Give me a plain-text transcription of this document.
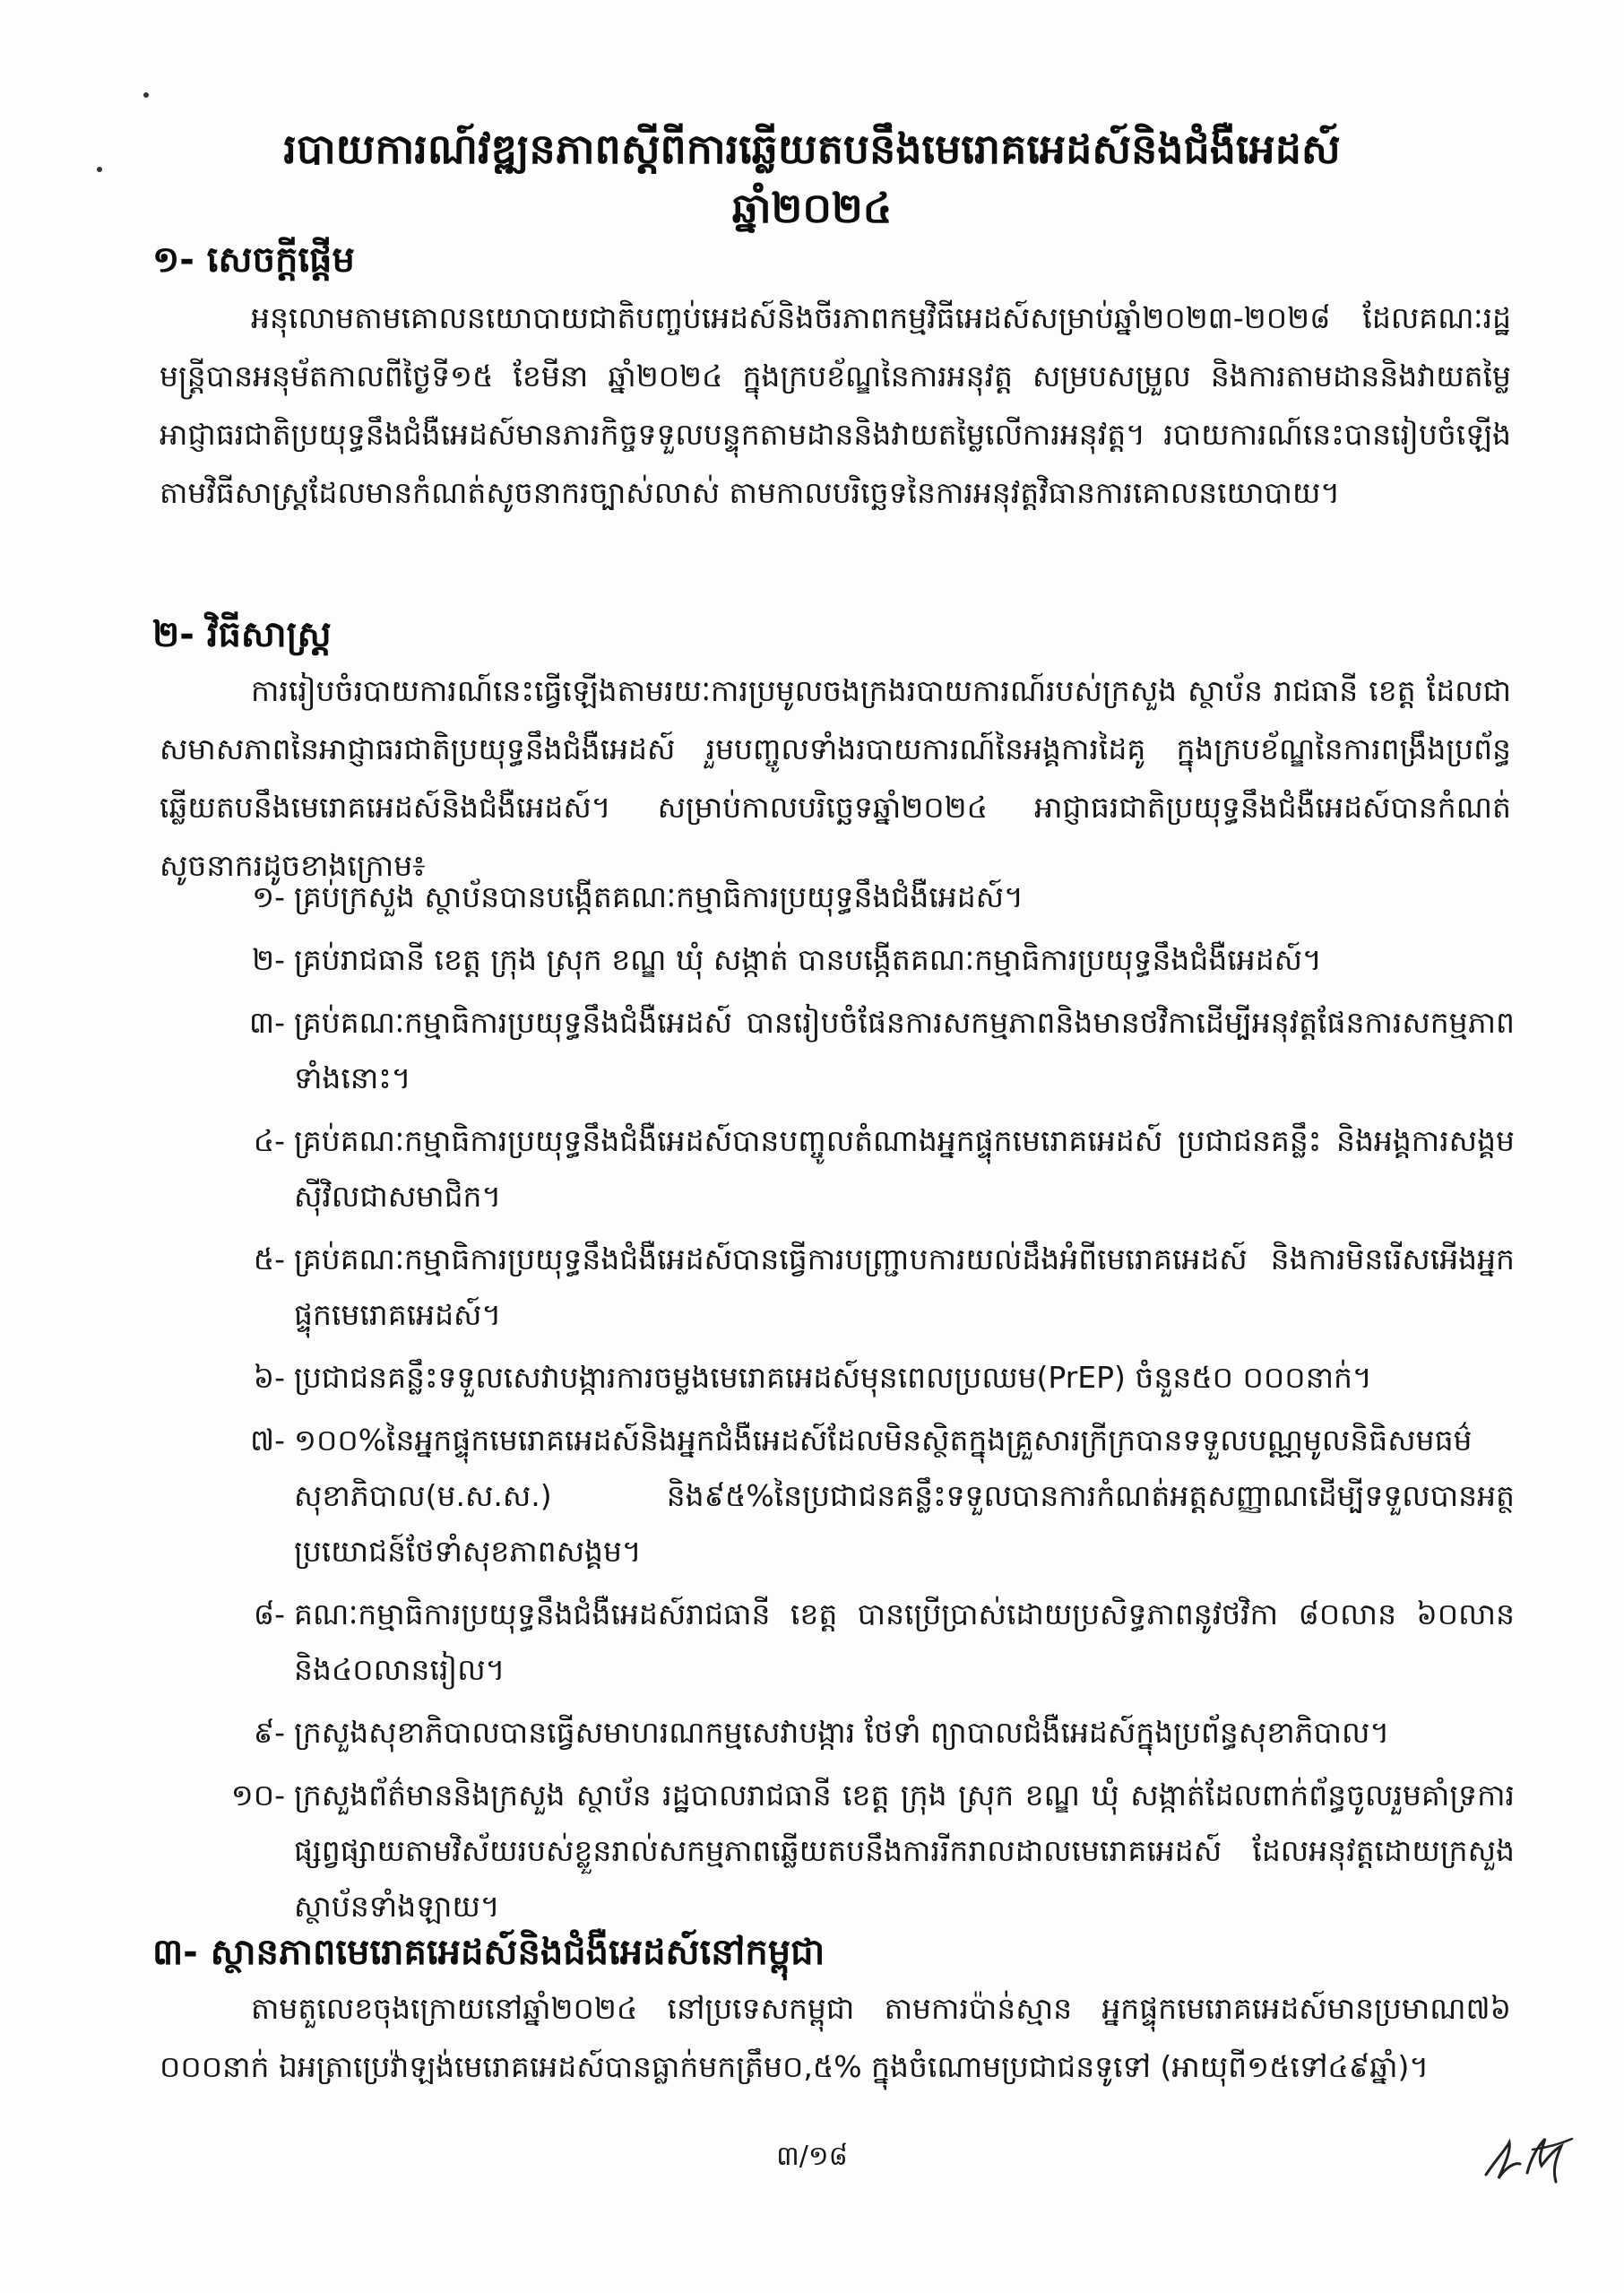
របាយការណ៍វឌ្ឍនភាពស្ដីពីការឆ្លើយតបនឹងមេរោគអេដស៍និងជំងឺអេដស៍
ឆ្នាំ២០២៤
១- សេចក្ដីផ្ដើម
អនុលោមតាមគោលនយោបាយជាតិបញ្ចប់អេដស៍និងចីរភាពកម្មវិធីអេដស៍សម្រាប់ឆ្នាំ២០២៣-២០២៨ ដែលគណៈរដ្ឋមន្ត្រីបានអនុម័តកាលពីថ្ងៃទី១៥ ខែមីនា ឆ្នាំ២០២៤ ក្នុងក្របខ័ណ្ឌនៃការអនុវត្ត សម្របសម្រួល និងការតាមដាននិងវាយតម្លៃ អាជ្ញាធរជាតិប្រយុទ្ធនឹងជំងឺអេដស៍មានភារកិច្ចទទួលបន្ទុកតាមដាននិងវាយតម្លៃលើការអនុវត្ត។ របាយការណ៍នេះបានរៀបចំឡើងតាមវិធីសាស្ត្រដែលមានកំណត់សូចនាករច្បាស់លាស់ តាមកាលបរិច្ឆេទនៃការអនុវត្តវិធានការគោលនយោបាយ។
២- វិធីសាស្ត្រ
ការរៀបចំរបាយការណ៍នេះធ្វើឡើងតាមរយៈការប្រមូលចងក្រងរបាយការណ៍របស់ក្រសួង ស្ថាប័ន រាជធានី ខេត្ត ដែលជាសមាសភាពនៃអាជ្ញាធរជាតិប្រយុទ្ធនឹងជំងឺអេដស៍ រួមបញ្ចូលទាំងរបាយការណ៍នៃអង្គការដៃគូ ក្នុងក្របខ័ណ្ឌនៃការពង្រឹងប្រព័ន្ធឆ្លើយតបនឹងមេរោគអេដស៍និងជំងឺអេដស៍។ សម្រាប់កាលបរិច្ឆេទឆ្នាំ២០២៤ អាជ្ញាធរជាតិប្រយុទ្ធនឹងជំងឺអេដស៍បានកំណត់សូចនាករដូចខាងក្រោម៖
១- គ្រប់ក្រសួង ស្ថាប័នបានបង្កើតគណៈកម្មាធិការប្រយុទ្ធនឹងជំងឺអេដស៍។
២- គ្រប់រាជធានី ខេត្ត ក្រុង ស្រុក ខណ្ឌ ឃុំ សង្កាត់ បានបង្កើតគណៈកម្មាធិការប្រយុទ្ធនឹងជំងឺអេដស៍។
៣- គ្រប់គណៈកម្មាធិការប្រយុទ្ធនឹងជំងឺអេដស៍ បានរៀបចំផែនការសកម្មភាពនិងមានថវិកាដើម្បីអនុវត្តផែនការសកម្មភាពទាំងនោះ។
៤- គ្រប់គណៈកម្មាធិការប្រយុទ្ធនឹងជំងឺអេដស៍បានបញ្ចូលតំណាងអ្នកផ្ទុកមេរោគអេដស៍ ប្រជាជនគន្លឹះ និងអង្គការសង្គមស៊ីវិលជាសមាជិក។
៥- គ្រប់គណៈកម្មាធិការប្រយុទ្ធនឹងជំងឺអេដស៍បានធ្វើការបញ្ជ្រាបការយល់ដឹងអំពីមេរោគអេដស៍ និងការមិនរើសអើងអ្នកផ្ទុកមេរោគអេដស៍។
៦- ប្រជាជនគន្លឹះទទួលសេវាបង្ការការចម្លងមេរោគអេដស៍មុនពេលប្រឈម(PrEP) ចំនួន៥០ ០០០នាក់។
៧- ១០០%នៃអ្នកផ្ទុកមេរោគអេដស៍និងអ្នកជំងឺអេដស៍ដែលមិនស្ថិតក្នុងគ្រួសារក្រីក្របានទទួលបណ្ណមូលនិធិសមធម៌សុខាភិបាល(ម.ស.ស.) និង៩៥%នៃប្រជាជនគន្លឹះទទួលបានការកំណត់អត្តសញ្ញាណដើម្បីទទួលបានអត្ថប្រយោជន៍ថែទាំសុខភាពសង្គម។
៨- គណៈកម្មាធិការប្រយុទ្ធនឹងជំងឺអេដស៍រាជធានី ខេត្ត បានប្រើប្រាស់ដោយប្រសិទ្ធភាពនូវថវិកា ៨០លាន ៦០លាន និង៤០លានរៀល។
៩- ក្រសួងសុខាភិបាលបានធ្វើសមាហរណកម្មសេវាបង្ការ ថែទាំ ព្យាបាលជំងឺអេដស៍ក្នុងប្រព័ន្ធសុខាភិបាល។
១០- ក្រសួងព័ត៌មាននិងក្រសួង ស្ថាប័ន រដ្ឋបាលរាជធានី ខេត្ត ក្រុង ស្រុក ខណ្ឌ ឃុំ សង្កាត់ដែលពាក់ព័ន្ធចូលរួមគាំទ្រការផ្សព្វផ្សាយតាមវិស័យរបស់ខ្លួនរាល់សកម្មភាពឆ្លើយតបនឹងការរីករាលដាលមេរោគអេដស៍ ដែលអនុវត្តដោយក្រសួង ស្ថាប័នទាំងឡាយ។
៣- ស្ថានភាពមេរោគអេដស៍និងជំងឺអេដស៍នៅកម្ពុជា
តាមតួលេខចុងក្រោយនៅឆ្នាំ២០២៤ នៅប្រទេសកម្ពុជា តាមការប៉ាន់ស្មាន អ្នកផ្ទុកមេរោគអេដស៍មានប្រមាណ៧៦ ០០០នាក់ ឯអត្រាប្រេវ៉ាឡង់មេរោគអេដស៍បានធ្លាក់មកត្រឹម០,៥% ក្នុងចំណោមប្រជាជនទូទៅ (អាយុពី១៥ទៅ៤៩ឆ្នាំ)។
៣/១៨
